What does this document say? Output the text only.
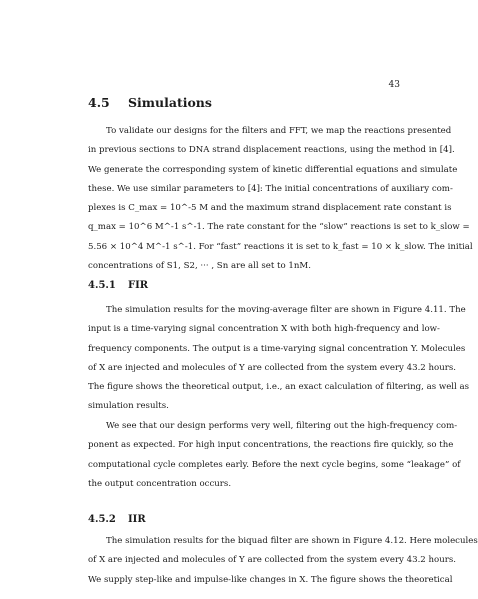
43
4.5 Simulations
To validate our designs for the filters and FFT, we map the reactions presented
in previous sections to DNA strand displacement reactions, using the method in [4].
We generate the corresponding system of kinetic differential equations and simulate
these. We use similar parameters to [4]: The initial concentrations of auxiliary com-
plexes is C_max = 10^-5 M and the maximum strand displacement rate constant is
q_max = 10^6 M^-1 s^-1. The rate constant for the “slow” reactions is set to k_slow =
5.56 × 10^4 M^-1 s^-1. For “fast” reactions it is set to k_fast = 10 × k_slow. The initial
concentrations of S1, S2, ··· , Sn are all set to 1nM.
4.5.1 FIR
The simulation results for the moving-average filter are shown in Figure 4.11. The
input is a time-varying signal concentration X with both high-frequency and low-
frequency components. The output is a time-varying signal concentration Y. Molecules
of X are injected and molecules of Y are collected from the system every 43.2 hours.
The figure shows the theoretical output, i.e., an exact calculation of filtering, as well as
simulation results.
We see that our design performs very well, filtering out the high-frequency com-
ponent as expected. For high input concentrations, the reactions fire quickly, so the
computational cycle completes early. Before the next cycle begins, some “leakage” of
the output concentration occurs.
4.5.2 IIR
The simulation results for the biquad filter are shown in Figure 4.12. Here molecules
of X are injected and molecules of Y are collected from the system every 43.2 hours.
We supply step-like and impulse-like changes in X. The figure shows the theoretical
